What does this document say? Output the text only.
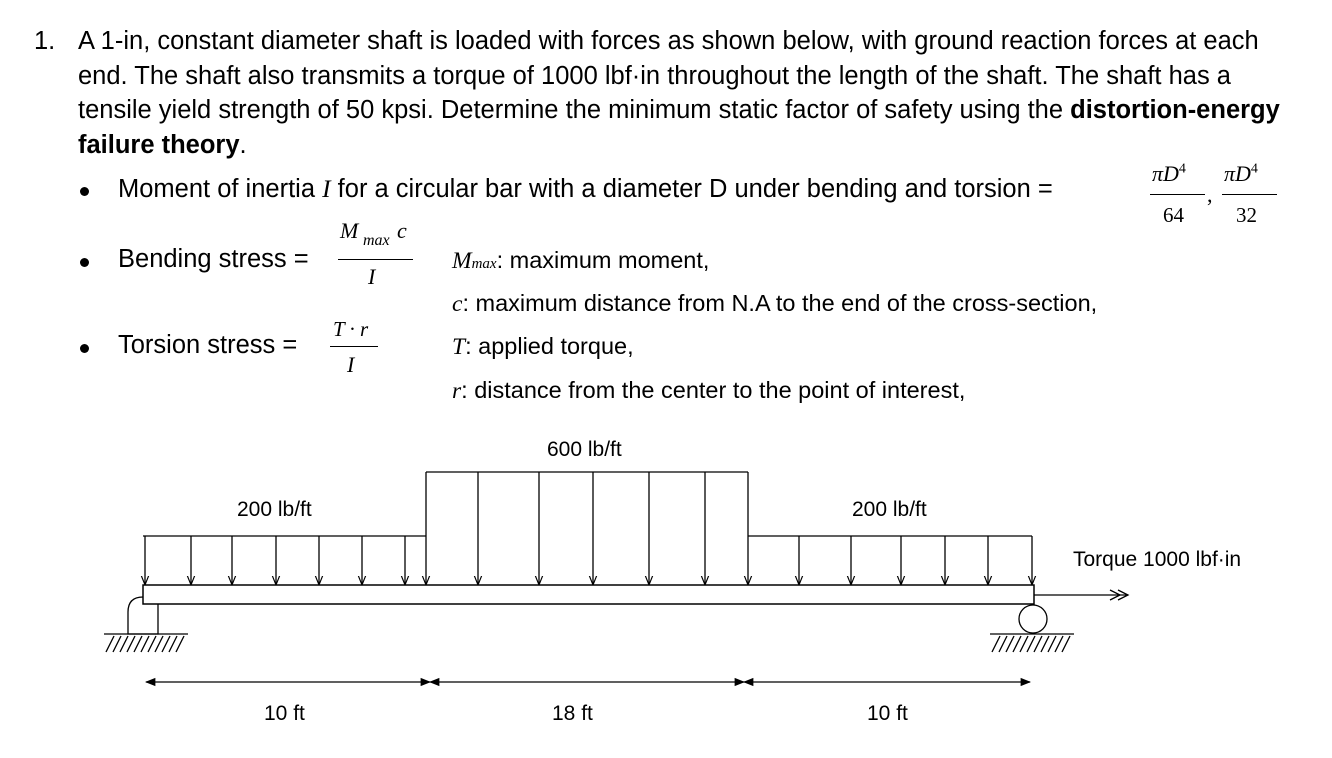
1. A 1-in, constant diameter shaft is loaded with forces as shown below, with ground reaction forces at each end. The shaft also transmits a torque of 1000 lbf·in throughout the length of the shaft. The shaft has a tensile yield strength of 50 kpsi. Determine the minimum static factor of safety using the distortion-energy failure theory.
Moment of inertia I for a circular bar with a diameter D under bending and torsion =
$\pi D^4$
64
,
$\pi D^4$
32
Bending stress =
M max c
I
Torsion stress =
T · r
I
Mmax: maximum moment,
c: maximum distance from N.A to the end of the cross-section,
T: applied torque,
r: distance from the center to the point of interest,
200 lb/ft
600 lb/ft
200 lb/ft
Torque 1000 lbf·in
10 ft	18 ft	10 ft
